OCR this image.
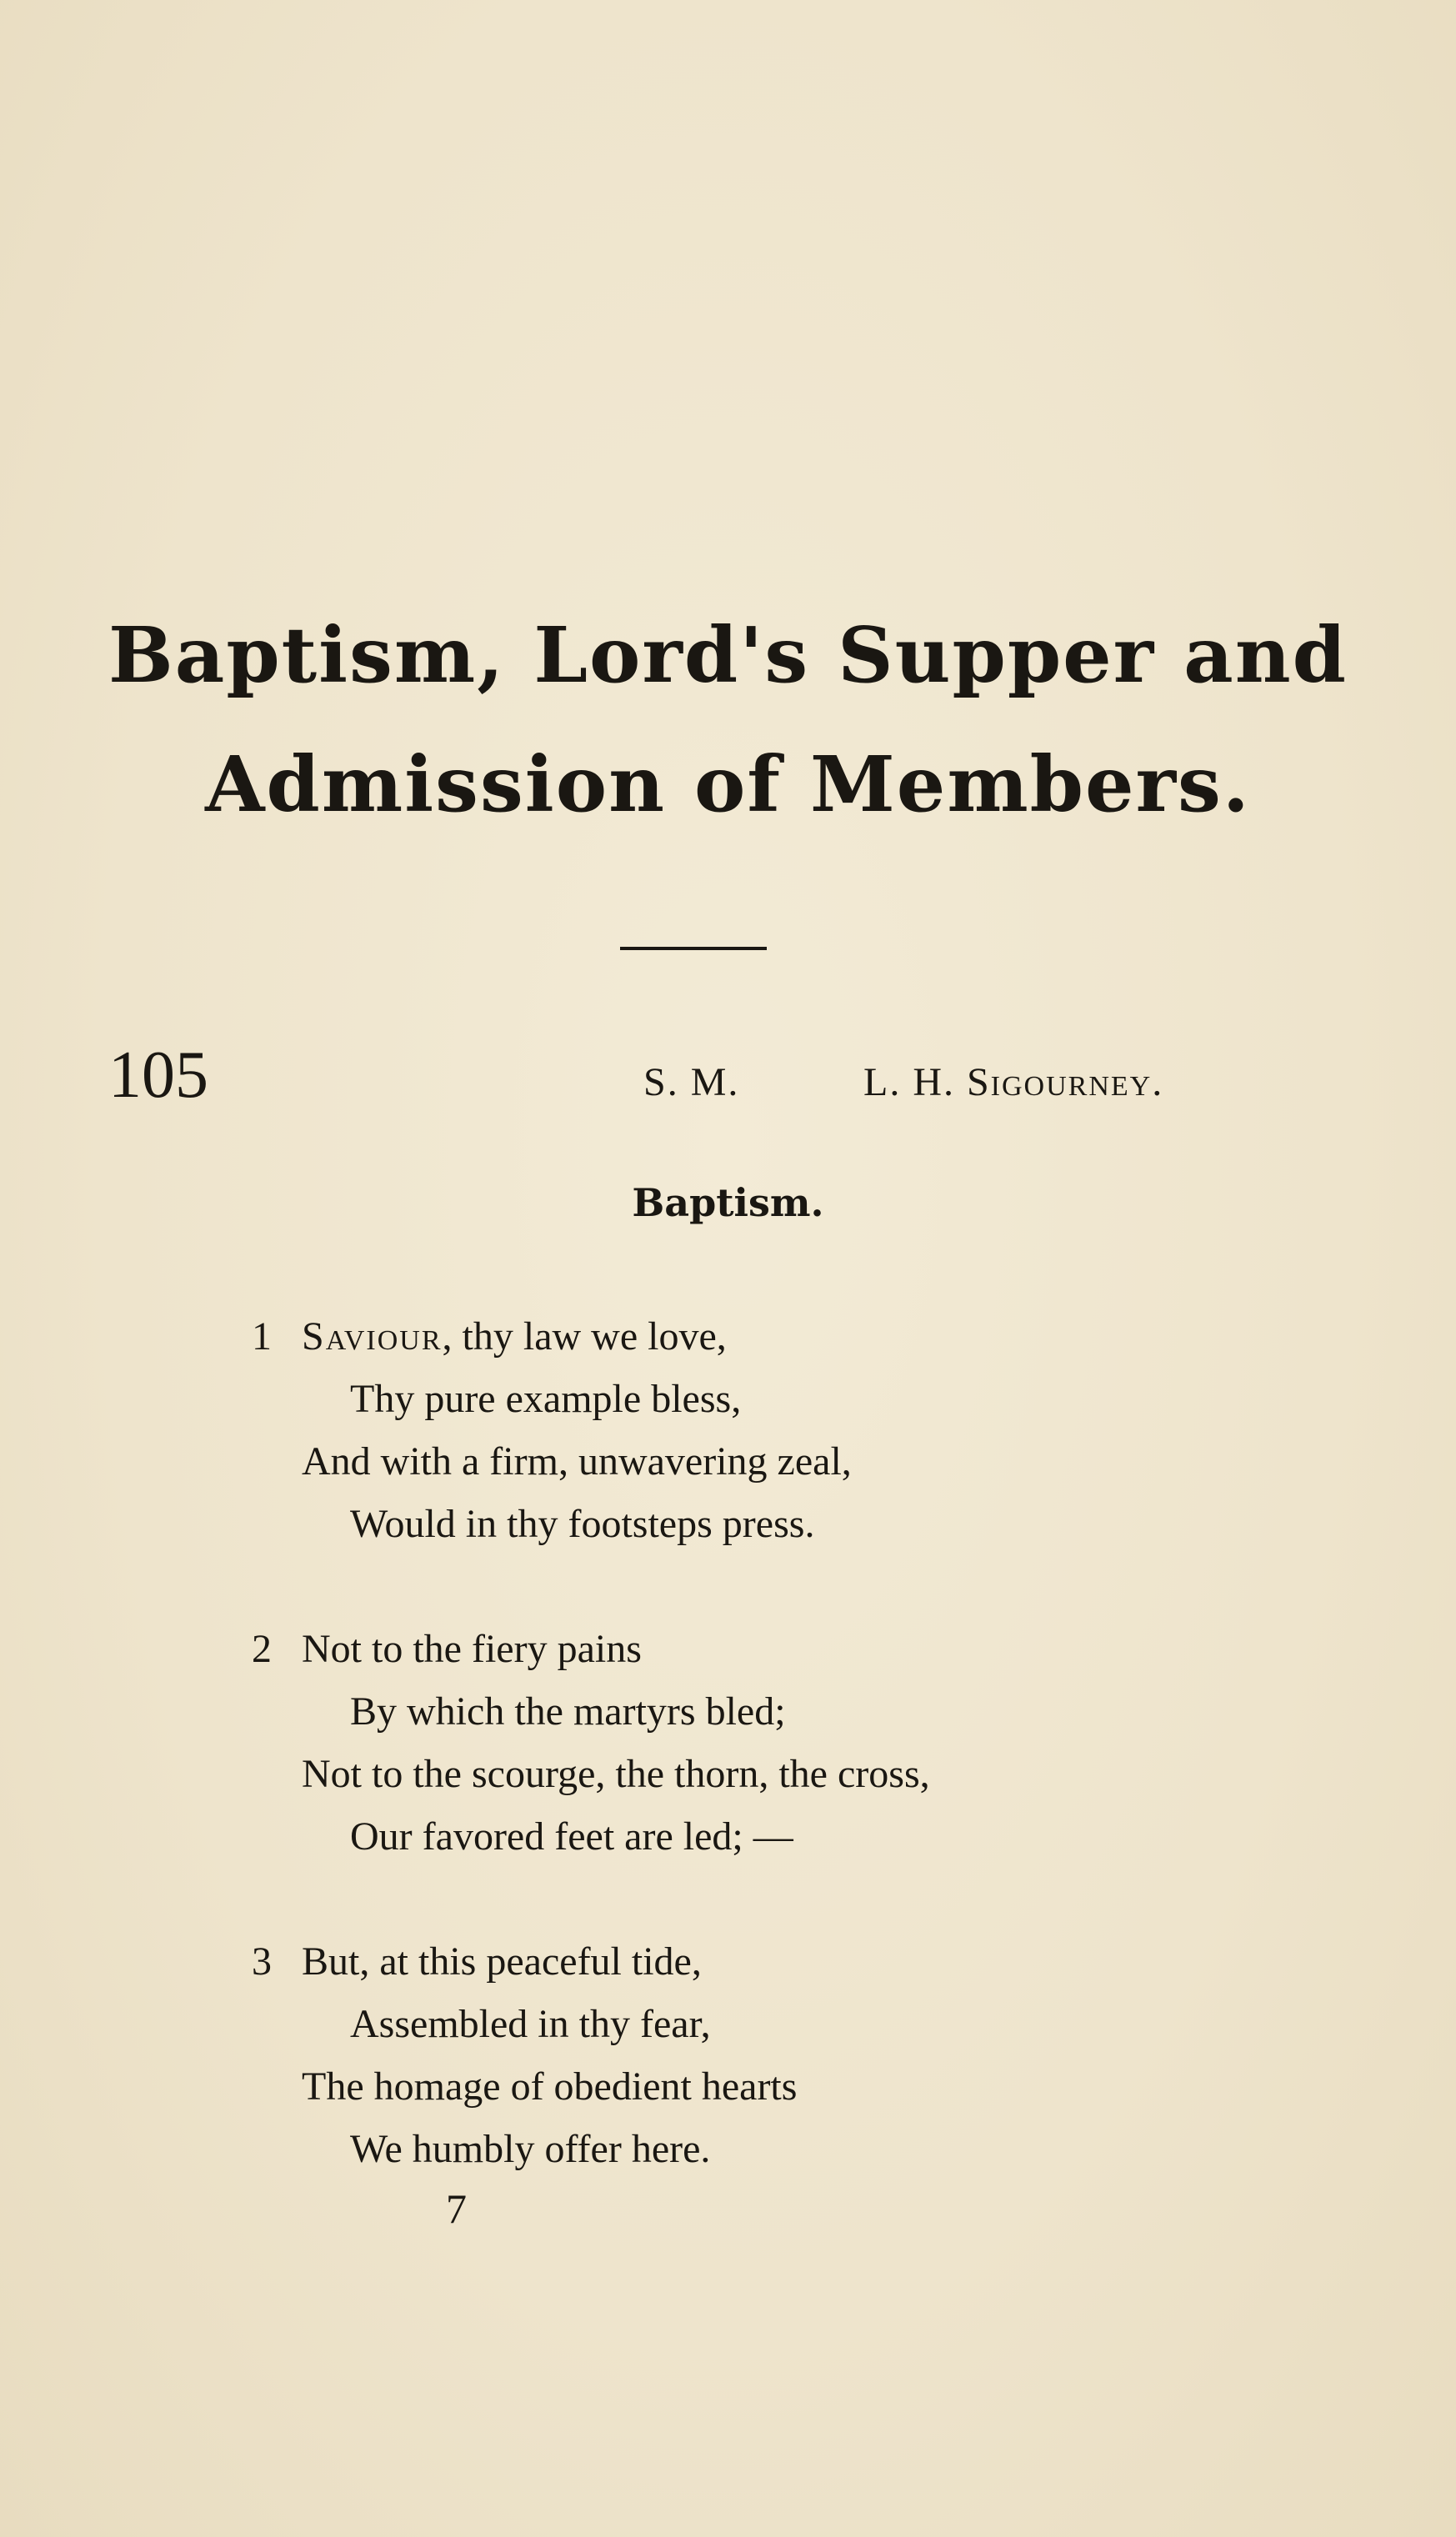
Baptism, Lord's Supper and
Admission of Members.
105	S. M.	L. H. Sigourney.
Baptism.
1 Saviour, thy law we love,
Thy pure example bless,
And with a firm, unwavering zeal,
Would in thy footsteps press.
2 Not to the fiery pains
By which the martyrs bled;
Not to the scourge, the thorn, the cross,
Our favored feet are led; —
3 But, at this peaceful tide,
Assembled in thy fear,
The homage of obedient hearts
We humbly offer here.
7
